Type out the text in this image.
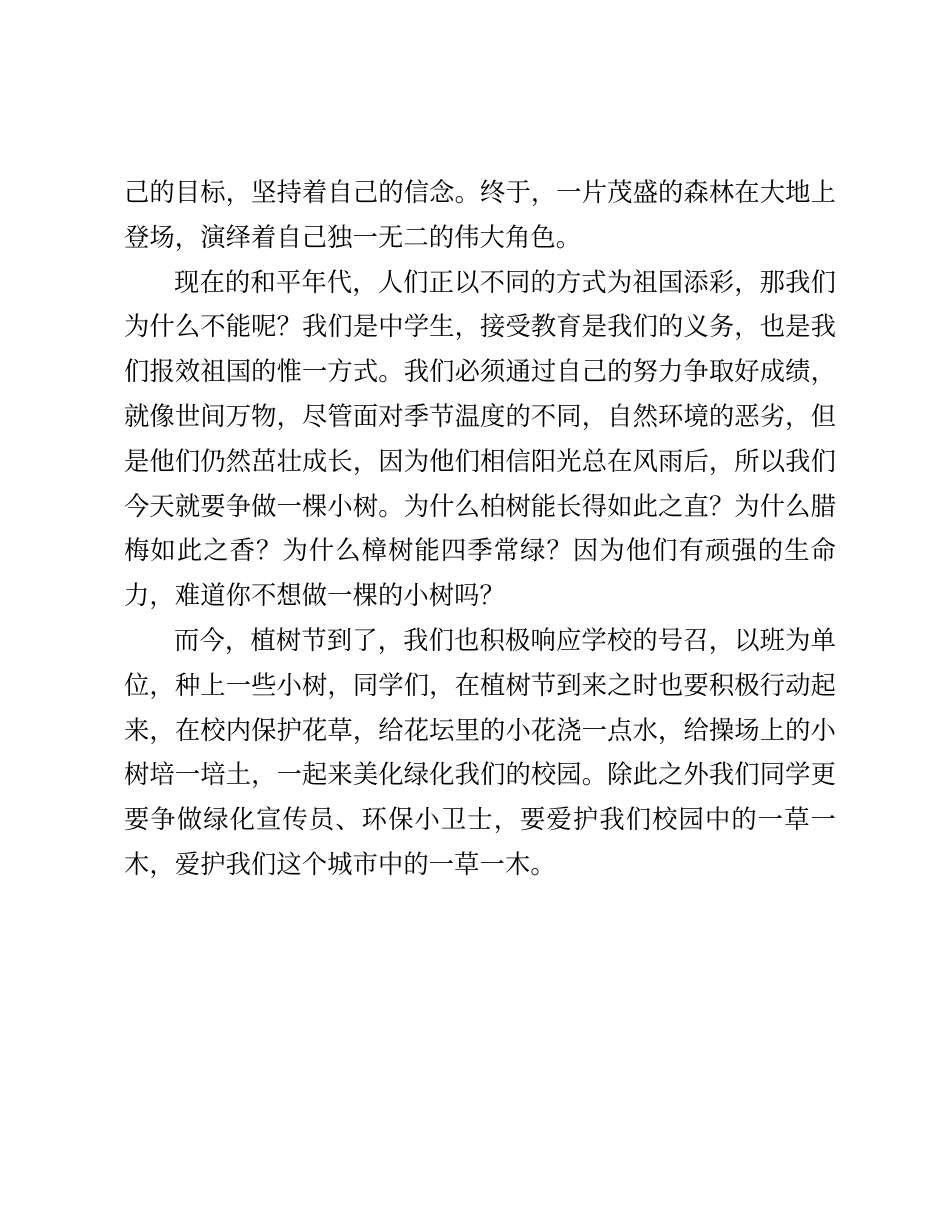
己的目标，坚持着自己的信念。终于，一片茂盛的森林在大地上
登场，演绎着自己独一无二的伟大角色。
现在的和平年代，人们正以不同的方式为祖国添彩，那我们
为什么不能呢？我们是中学生，接受教育是我们的义务，也是我
们报效祖国的惟一方式。我们必须通过自己的努力争取好成绩，
就像世间万物，尽管面对季节温度的不同，自然环境的恶劣，但
是他们仍然茁壮成长，因为他们相信阳光总在风雨后，所以我们
今天就要争做一棵小树。为什么柏树能长得如此之直？为什么腊
梅如此之香？为什么樟树能四季常绿？因为他们有顽强的生命
力，难道你不想做一棵的小树吗？
而今，植树节到了，我们也积极响应学校的号召，以班为单
位，种上一些小树，同学们，在植树节到来之时也要积极行动起
来，在校内保护花草，给花坛里的小花浇一点水，给操场上的小
树培一培土，一起来美化绿化我们的校园。除此之外我们同学更
要争做绿化宣传员、环保小卫士，要爱护我们校园中的一草一
木，爱护我们这个城市中的一草一木。
